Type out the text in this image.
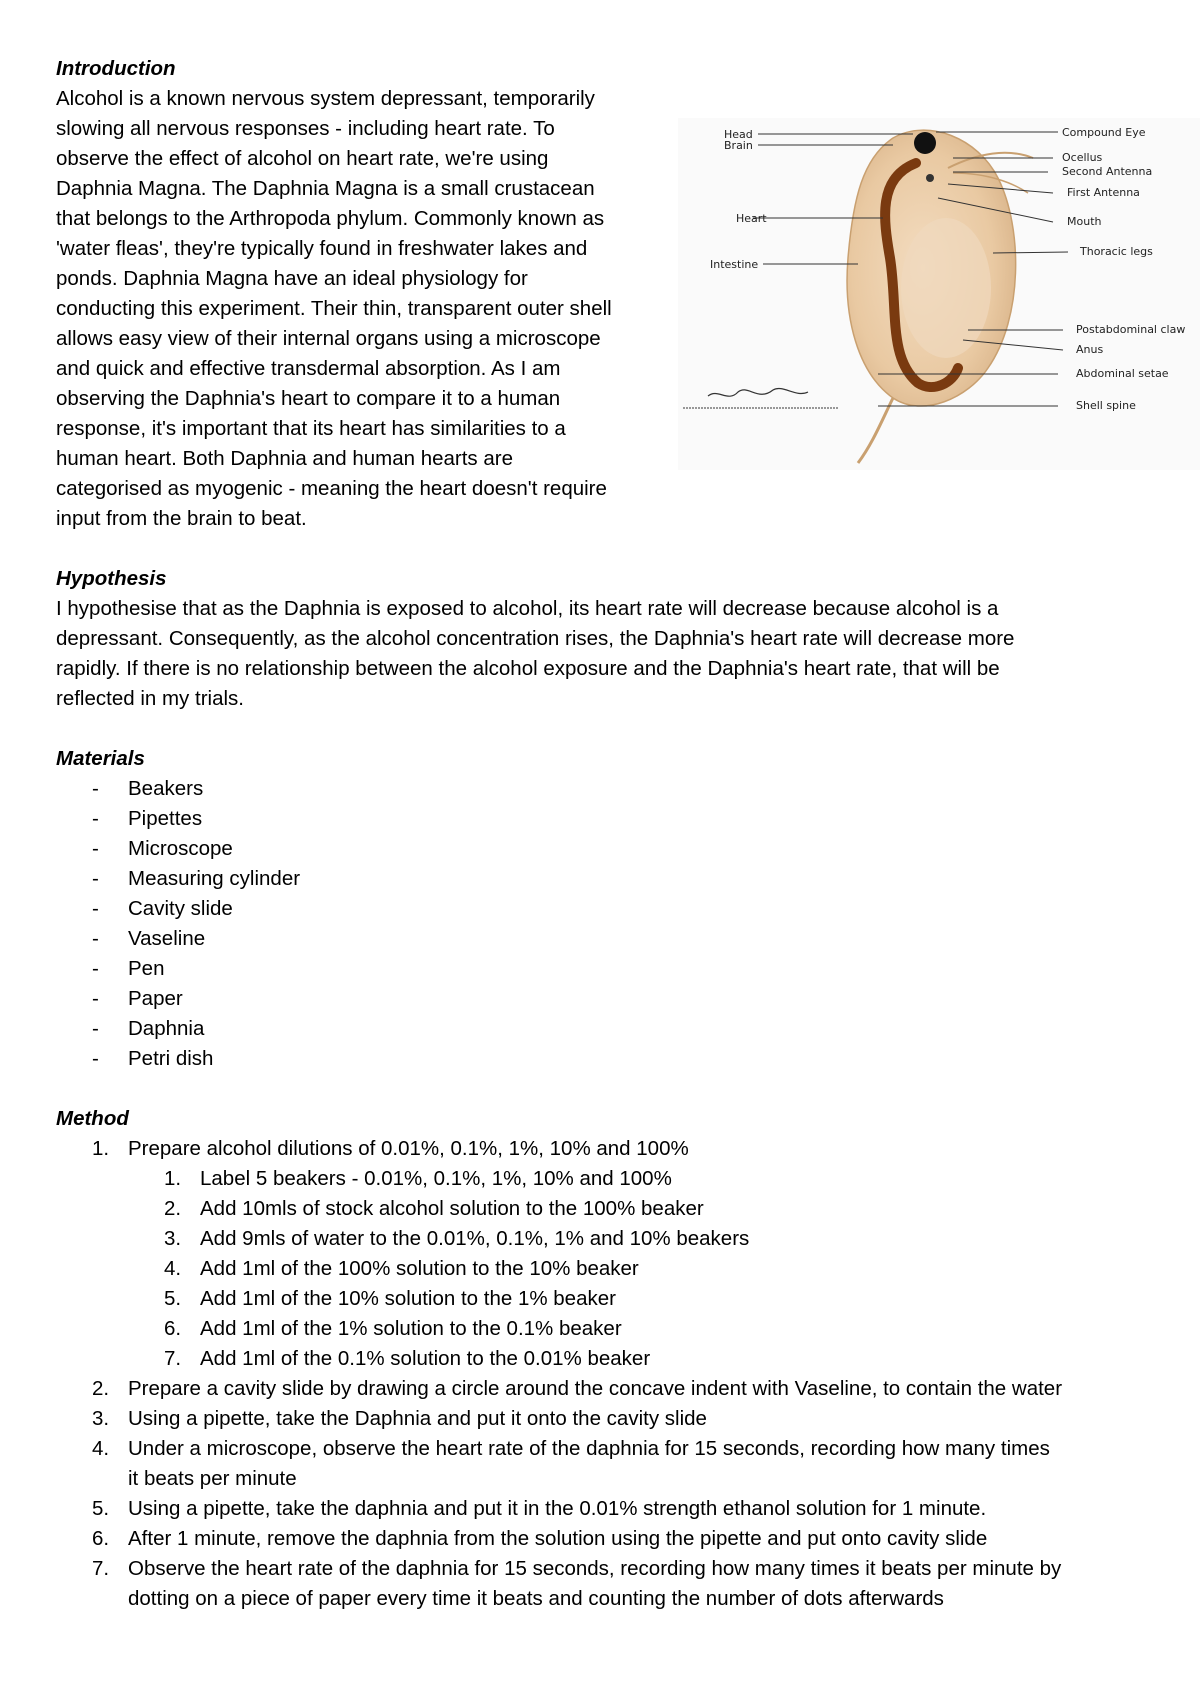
Introduction

Alcohol is a known nervous system depressant, temporarily

slowing all nervous responses - including heart rate. To

observe the effect of alcohol on heart rate, we're using

Daphnia Magna. The Daphnia Magna is a small crustacean

that belongs to the Arthropoda phylum. Commonly known as

'water fleas', they're typically found in freshwater lakes and

ponds. Daphnia Magna have an ideal physiology for

conducting this experiment. Their thin, transparent outer shell

allows easy view of their internal organs using a microscope

and quick and effective transdermal absorption. As I am

observing the Daphnia's heart to compare it to a human

response, it's important that its heart has similarities to a

human heart. Both Daphnia and human hearts are

categorised as myogenic - meaning the heart doesn't require

input from the brain to beat.

Hypothesis

I hypothesise that as the Daphnia is exposed to alcohol, its heart rate will decrease because alcohol is a

depressant. Consequently, as the alcohol concentration rises, the Daphnia's heart rate will decrease more

rapidly. If there is no relationship between the alcohol exposure and the Daphnia's heart rate, that will be

reflected in my trials.

Materials
- Beakers
- Pipettes
- Microscope
- Measuring cylinder
- Cavity slide
- Vaseline
- Pen
- Paper
- Daphnia
- Petri dish
Method
1. Prepare alcohol dilutions of 0.01%, 0.1%, 1%, 10% and 100%
1. Label 5 beakers - 0.01%, 0.1%, 1%, 10% and 100%
2. Add 10mls of stock alcohol solution to the 100% beaker
3. Add 9mls of water to the 0.01%, 0.1%, 1% and 10% beakers
4. Add 1ml of the 100% solution to the 10% beaker
5. Add 1ml of the 10% solution to the 1% beaker
6. Add 1ml of the 1% solution to the 0.1% beaker
7. Add 1ml of the 0.1% solution to the 0.01% beaker
2. Prepare a cavity slide by drawing a circle around the concave indent with Vaseline, to contain the water
3. Using a pipette, take the Daphnia and put it onto the cavity slide
4. Under a microscope, observe the heart rate of the daphnia for 15 seconds, recording how many times
it beats per minute
5. Using a pipette, take the daphnia and put it in the 0.01% strength ethanol solution for 1 minute.
6. After 1 minute, remove the daphnia from the solution using the pipette and put onto cavity slide
7. Observe the heart rate of the daphnia for 15 seconds, recording how many times it beats per minute by
dotting on a piece of paper every time it beats and counting the number of dots afterwards
Head
Brain
Heart
Intestine
Compound Eye
Ocellus
Second Antenna
First Antenna
Mouth
Thoracic legs
Postabdominal claw
Anus
Abdominal setae
Shell spine
